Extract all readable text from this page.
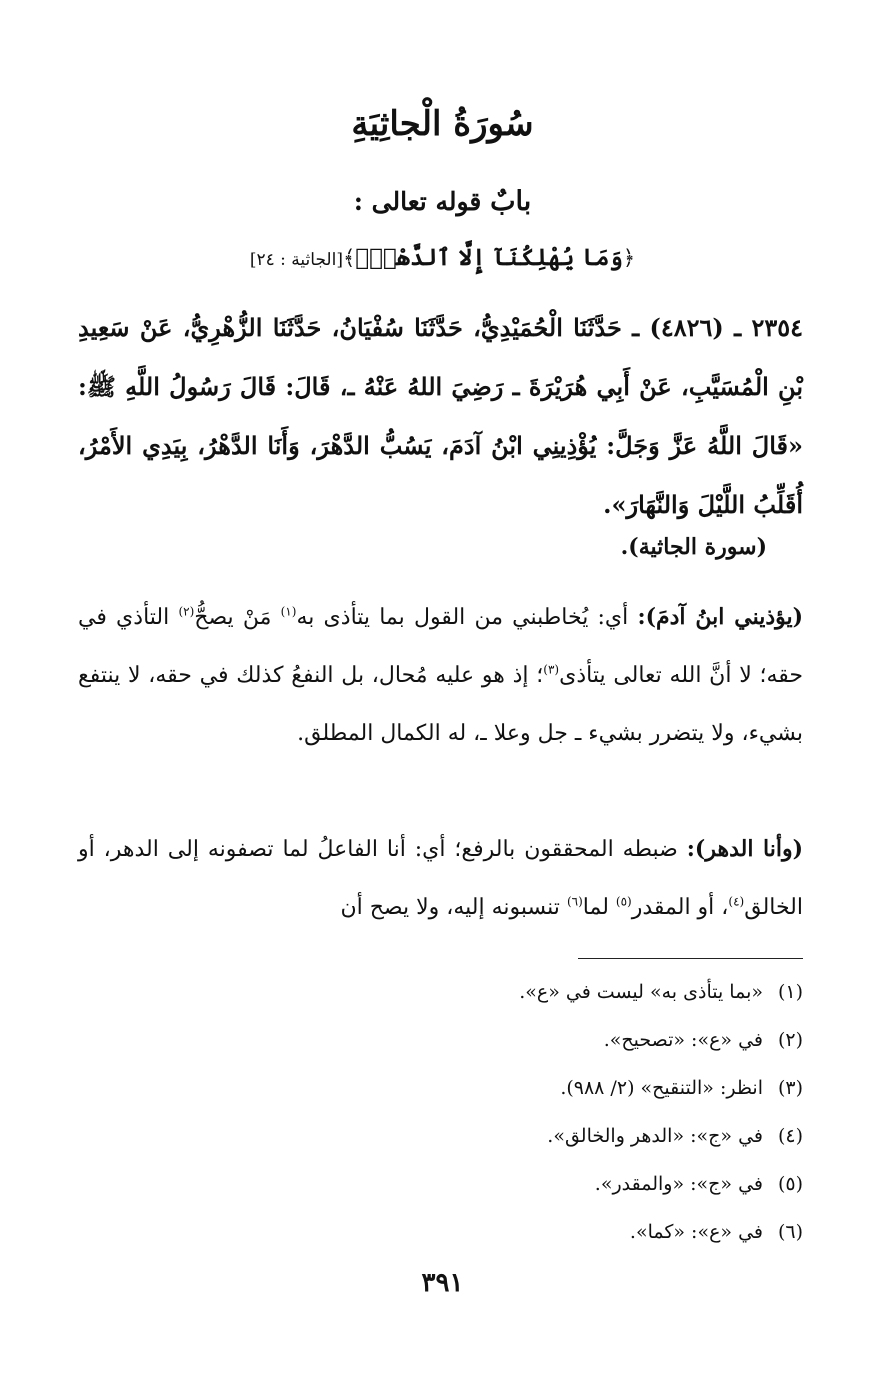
سُورَةُ الْجاثِيَةِ
بابٌ قوله تعالى :
﴿وَمَا يُهْلِكُنَآ إِلَّا ٱلدَّهْرُۚ﴾[الجاثية : ٢٤]
٢٣٥٤ ـ (٤٨٢٦) ـ حَدَّثَنَا الْحُمَيْدِيُّ، حَدَّثَنَا سُفْيَانُ، حَدَّثَنَا الزُّهْرِيُّ، عَنْ سَعِيدِ بْنِ الْمُسَيَّبِ، عَنْ أَبِي هُرَيْرَةَ ـ رَضِيَ اللهُ عَنْهُ ـ، قَالَ: قَالَ رَسُولُ اللَّهِ ﷺ: «قَالَ اللَّهُ عَزَّ وَجَلَّ: يُؤْذِينِي ابْنُ آدَمَ، يَسُبُّ الدَّهْرَ، وَأَنَا الدَّهْرُ، بِيَدِي الأَمْرُ، أُقَلِّبُ اللَّيْلَ وَالنَّهَارَ».
(سورة الجاثية).
(يؤذيني ابنُ آدمَ): أي: يُخاطبني من القول بما يتأذى به$^{(١)}$ مَنْ يصحُّ$^{(٢)}$ التأذي في حقه؛ لا أنَّ الله تعالى يتأذى$^{(٣)}$؛ إذ هو عليه مُحال، بل النفعُ كذلك في حقه، لا ينتفع بشيء، ولا يتضرر بشيء ـ جل وعلا ـ، له الكمال المطلق.
(وأنا الدهر): ضبطه المحققون بالرفع؛ أي: أنا الفاعلُ لما تصفونه إلى الدهر، أو الخالق$^{(٤)}$، أو المقدر$^{(٥)}$ لما$^{(٦)}$ تنسبونه إليه، ولا يصح أن
(١)«بما يتأذى به» ليست في «ع».
(٢)في «ع»: «تصحيح».
(٣)انظر: «التنقيح» (٢/ ٩٨٨).
(٤)في «ج»: «الدهر والخالق».
(٥)في «ج»: «والمقدر».
(٦)في «ع»: «كما».
٣٩١
